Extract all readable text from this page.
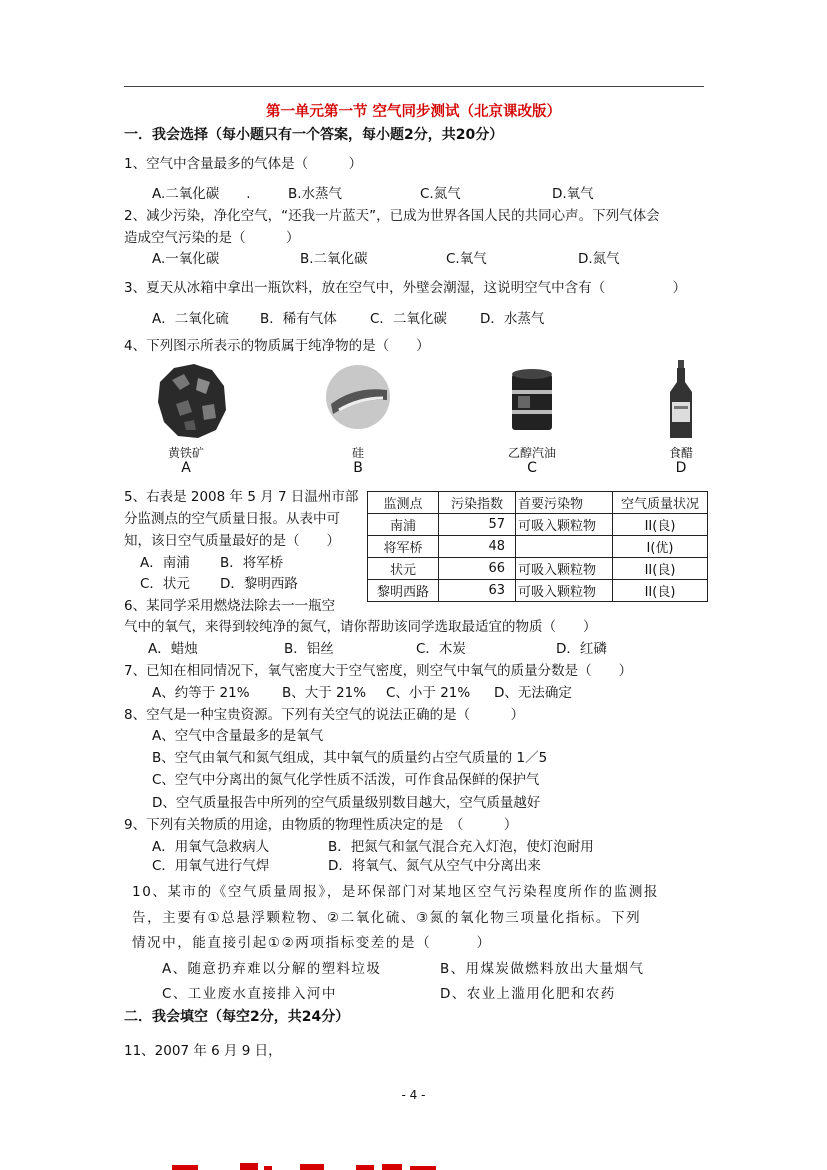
第一单元第一节 空气同步测试（北京课改版）
一．我会选择（每小题只有一个答案，每小题2分，共20分）
1、空气中含量最多的气体是（　　　）
A.二氧化碳　　.	B.水蒸气	C.氮气	D.氧气
2、减少污染，净化空气，“还我一片蓝天”，已成为世界各国人民的共同心声。下列气体会
造成空气污染的是（　　　）
A.一氧化碳	B.二氧化碳	C.氧气	D.氮气
3、夏天从冰箱中拿出一瓶饮料，放在空气中，外壁会潮湿，这说明空气中含有（　　　　　）
A．二氧化硫 B．稀有气体 C．二氧化碳 D．水蒸气
4、下列图示所表示的物质属于纯净物的是（　　）
黄铁矿
A
硅
B
乙醇汽油
C
食醋
D
5、右表是 2008 年 5 月 7 日温州市部
分监测点的空气质量日报。从表中可
知，该日空气质量最好的是（　　）
A．南浦 B．将军桥
C．状元 D．黎明西路
监测点	污染指数	首要污染物	空气质量状况
南浦	57	可吸入颗粒物	II(良)
将军桥	48		I(优)
状元	66	可吸入颗粒物	II(良)
黎明西路	63	可吸入颗粒物	II(良)
6、某同学采用燃烧法除去一一瓶空
气中的氧气，来得到较纯净的氮气，请你帮助该同学选取最适宜的物质（　　）
A．蜡烛	B．铝丝	C．木炭	D．红磷
7、已知在相同情况下，氧气密度大于空气密度，则空气中氧气的质量分数是（　　）
A、约等于 21% B、大于 21% C、小于 21% D、无法确定
8、空气是一种宝贵资源。下列有关空气的说法正确的是（　　　）
A、空气中含量最多的是氧气
B、空气由氧气和氮气组成，其中氧气的质量约占空气质量的 1／5
C、空气中分离出的氮气化学性质不活泼，可作食品保鲜的保护气
D、空气质量报告中所列的空气质量级别数目越大，空气质量越好
9、下列有关物质的用途，由物质的物理性质决定的是　（　　　）
A．用氧气急救病人	B．把氮气和氩气混合充入灯泡，使灯泡耐用
C．用氧气进行气焊	D．将氧气、氮气从空气中分离出来
10、某市的《空气质量周报》，是环保部门对某地区空气污染程度所作的监测报
告，主要有①总悬浮颗粒物、②二氧化硫、③氮的氧化物三项量化指标。下列
情况中，能直接引起①②两项指标变差的是（　　　）
A、随意扔弃难以分解的塑料垃圾	B、用煤炭做燃料放出大量烟气
C、工业废水直接排入河中	D、农业上滥用化肥和农药
二．我会填空（每空2分，共24分）
11、2007 年 6 月 9 日，
- 4 -
